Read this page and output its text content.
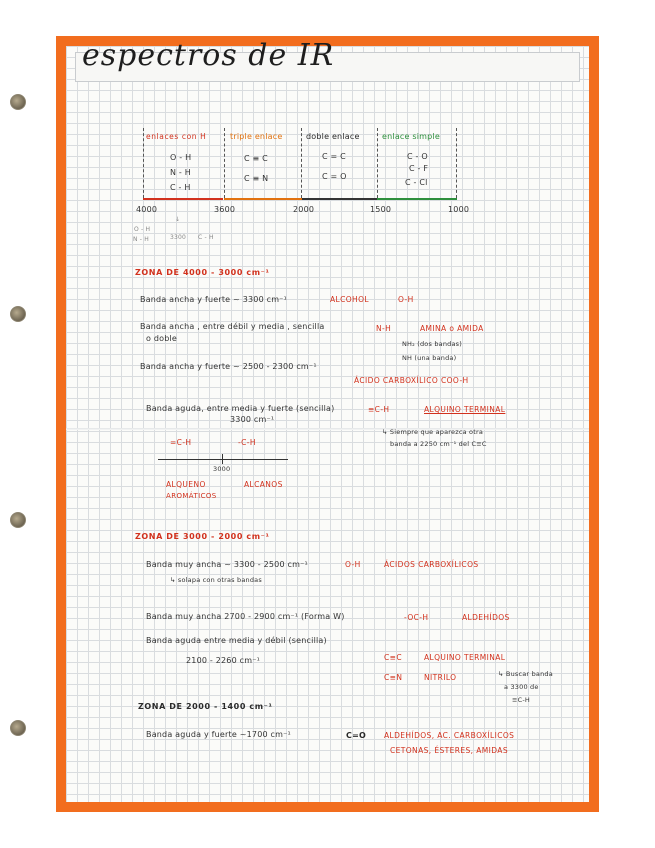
espectros de IR
enlaces con H	triple enlace	doble enlace	enlace simple
O - H
N - H
C - H
C ≡ C
C ≡ N
C = C
C = O
C - O
C - F
C - Cl
4000	3600	2000	1500	1000
↓
O - H
N - H	3300 C - H
ZONA DE 4000 - 3000 cm⁻¹
Banda ancha y fuerte ~ 3300 cm⁻¹	ALCOHOL	O-H
Banda ancha , entre débil y media , sencilla
o doble
N-H	AMINA o AMIDA
NH₂ (dos bandas)
NH (una banda)
Banda ancha y fuerte ~ 2500 - 2300 cm⁻¹
ÁCIDO CARBOXÍLICO COO-H
Banda aguda, entre media y fuerte (sencilla)
3300 cm⁻¹
≡C-H	ALQUINO TERMINAL
↳ Siempre que aparezca otra
banda a 2250 cm⁻¹ del C≡C
=C-H	-C-H
3000
ALQUENO
AROMÁTICOS
ALCANOS
ZONA DE 3000 - 2000 cm⁻¹
Banda muy ancha ~ 3300 - 2500 cm⁻¹	O-H	ÁCIDOS CARBOXÍLICOS
↳ solapa con otras bandas
Banda muy ancha 2700 - 2900 cm⁻¹ (Forma W)	-OC-H	ALDEHÍDOS
Banda aguda entre media y débil (sencilla)
2100 - 2260 cm⁻¹	C≡C	ALQUINO TERMINAL
C≡N	NITRILO	↳ Buscar banda
a 3300 de
≡C-H
ZONA DE 2000 - 1400 cm⁻¹
Banda aguda y fuerte ~1700 cm⁻¹	C=O ALDEHÍDOS, AC. CARBOXÍLICOS
CETONAS, ÉSTERES, AMIDAS
